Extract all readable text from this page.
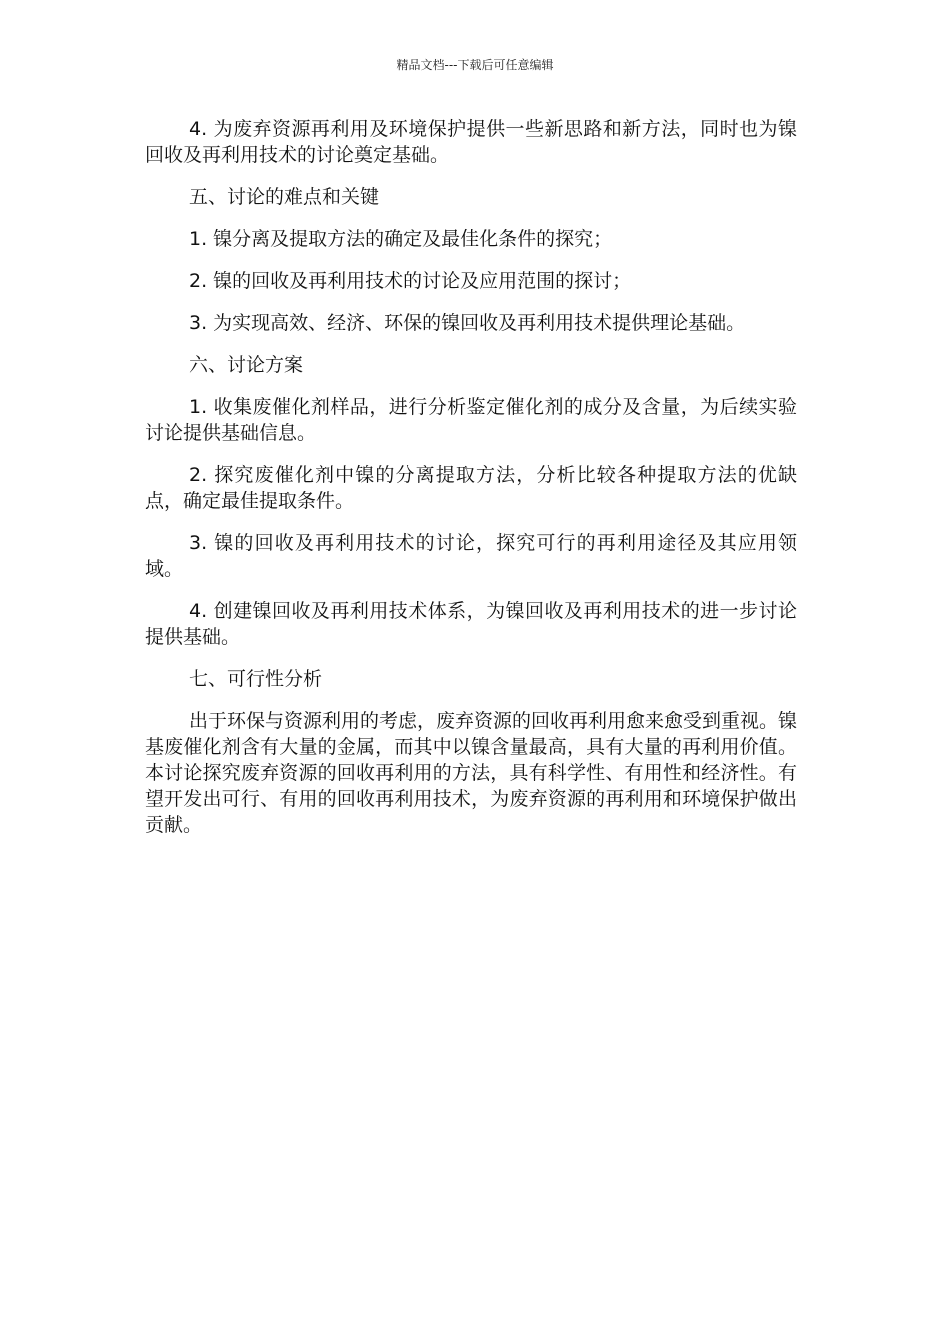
精品文档---下载后可任意编辑

4. 为废弃资源再利用及环境保护提供一些新思路和新方法，同时也为镍回收及再利用技术的讨论奠定基础。

五、讨论的难点和关键

1. 镍分离及提取方法的确定及最佳化条件的探究；

2. 镍的回收及再利用技术的讨论及应用范围的探讨；

3. 为实现高效、经济、环保的镍回收及再利用技术提供理论基础。

六、讨论方案

1. 收集废催化剂样品，进行分析鉴定催化剂的成分及含量，为后续实验讨论提供基础信息。

2. 探究废催化剂中镍的分离提取方法，分析比较各种提取方法的优缺点，确定最佳提取条件。

3. 镍的回收及再利用技术的讨论，探究可行的再利用途径及其应用领域。

4. 创建镍回收及再利用技术体系，为镍回收及再利用技术的进一步讨论提供基础。

七、可行性分析

出于环保与资源利用的考虑，废弃资源的回收再利用愈来愈受到重视。镍基废催化剂含有大量的金属，而其中以镍含量最高，具有大量的再利用价值。本讨论探究废弃资源的回收再利用的方法，具有科学性、有用性和经济性。有望开发出可行、有用的回收再利用技术，为废弃资源的再利用和环境保护做出贡献。
